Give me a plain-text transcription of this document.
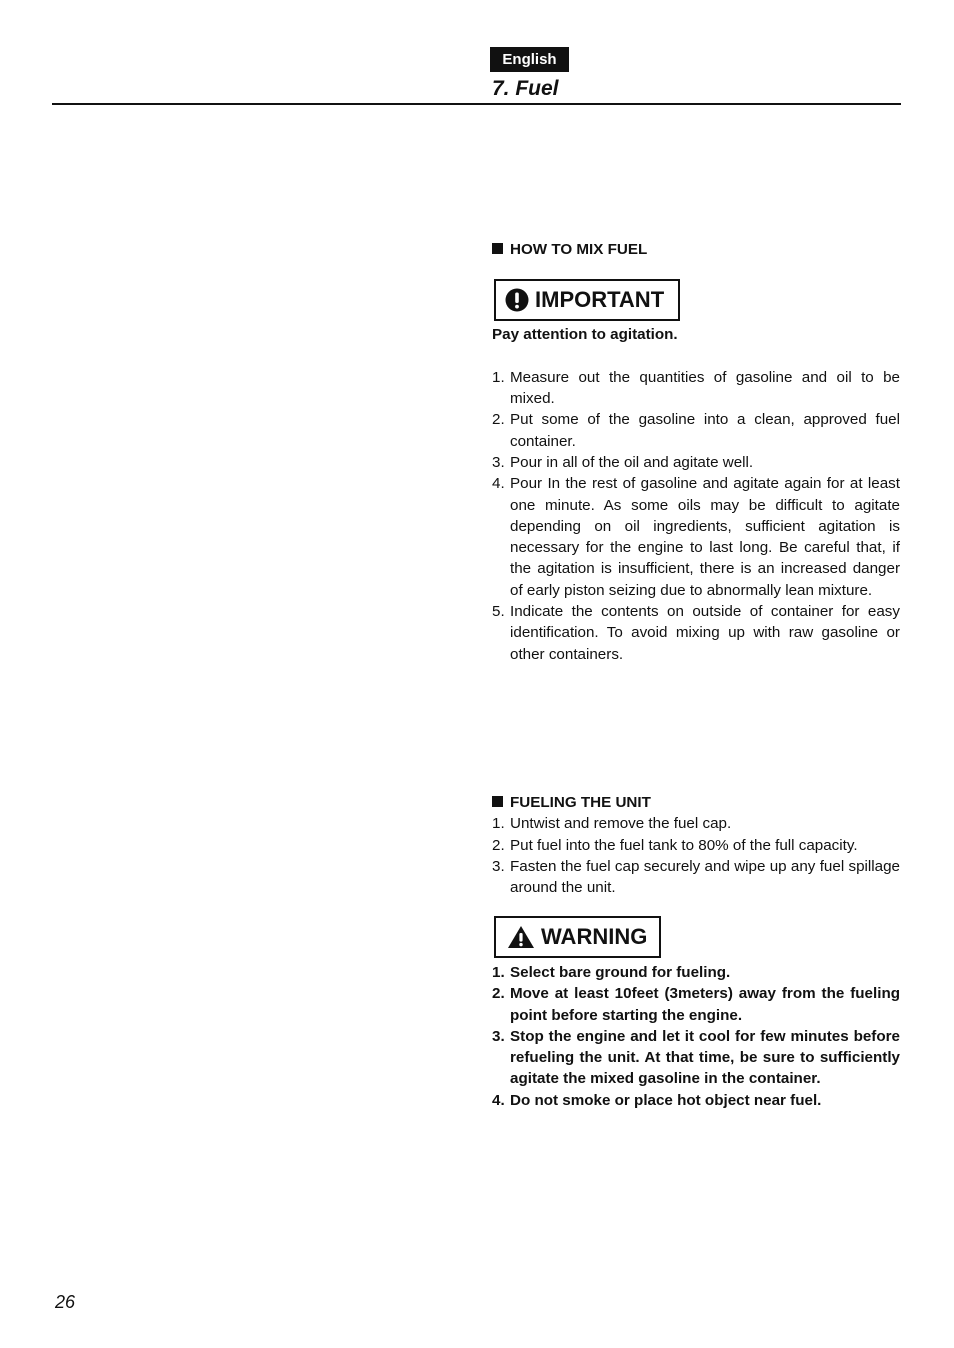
English
7. Fuel
HOW TO MIX FUEL
IMPORTANT
Pay attention to agitation.
1. Measure out the quantities of gasoline and oil to be mixed.
2. Put some of the gasoline into a clean, approved fuel container.
3. Pour in all of the oil and agitate well.
4. Pour In the rest of gasoline and agitate again for at least one minute. As some oils may be difficult to agitate depending on oil ingredients, sufficient agitation is necessary for the engine to last long. Be careful that, if the agitation is insufficient, there is an increased danger of early piston seizing due to abnormally lean mixture.
5. Indicate the contents on outside of container for easy identification. To avoid mixing up with raw gasoline or other containers.
FUELING THE UNIT
1. Untwist and remove the fuel cap.
2. Put fuel into the fuel tank to 80% of the full capacity.
3. Fasten the fuel cap securely and wipe up any fuel spillage around the unit.
WARNING
1. Select bare ground for fueling.
2. Move at least 10feet (3meters) away from the fueling point before starting the engine.
3. Stop the engine and let it cool for few minutes before refueling the unit. At that time, be sure to sufficiently agitate the mixed gasoline in the container.
4. Do not smoke or place hot object near fuel.
26
